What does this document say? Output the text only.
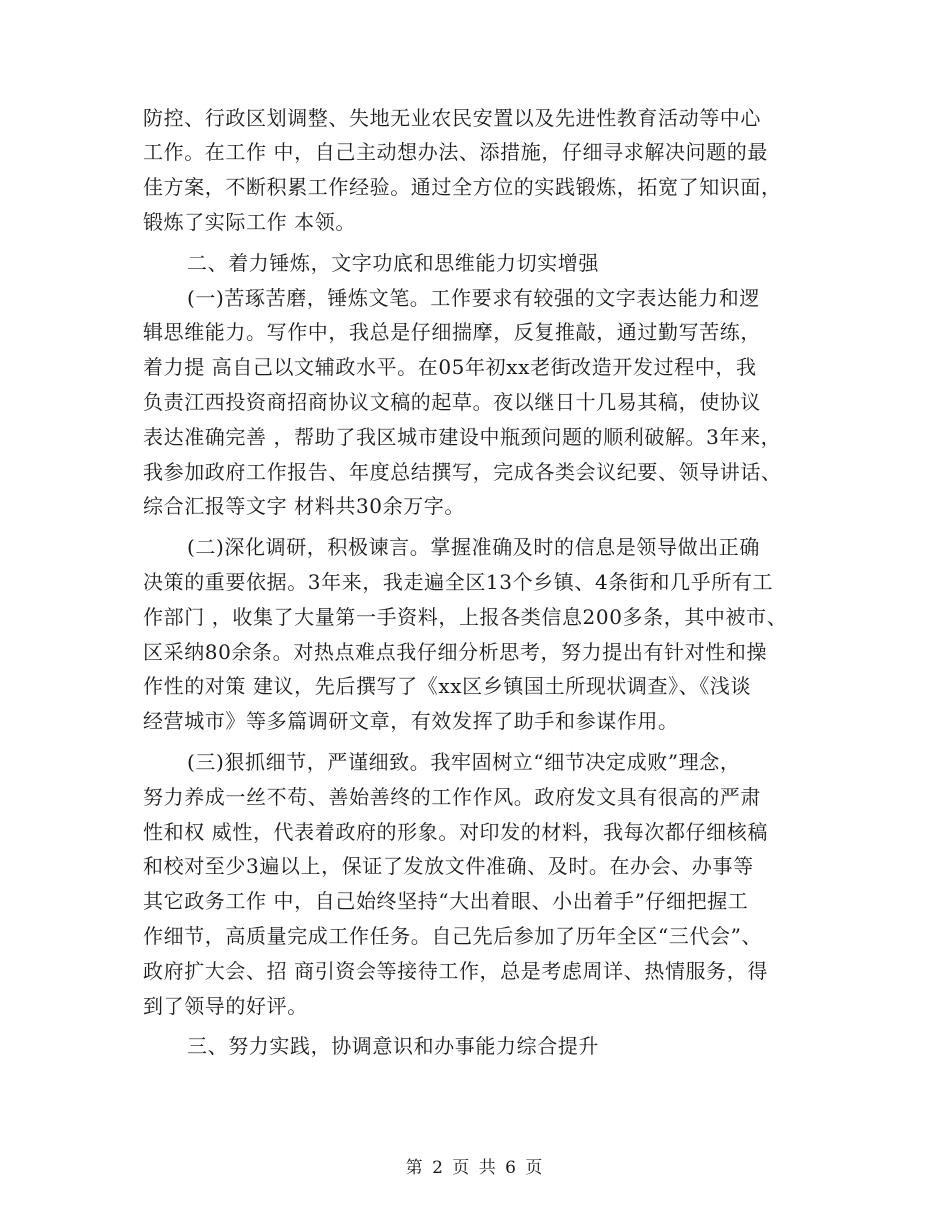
防控、行政区划调整、失地无业农民安置以及先进性教育活动等中心
工作。在工作 中，自己主动想办法、添措施，仔细寻求解决问题的最
佳方案，不断积累工作经验。通过全方位的实践锻炼，拓宽了知识面，
锻炼了实际工作 本领。
二、着力锤炼，文字功底和思维能力切实增强
(一)苦琢苦磨，锤炼文笔。工作要求有较强的文字表达能力和逻
辑思维能力。写作中，我总是仔细揣摩，反复推敲，通过勤写苦练，
着力提 高自己以文辅政水平。在05年初xx老街改造开发过程中，我
负责江西投资商招商协议文稿的起草。夜以继日十几易其稿，使协议
表达准确完善 ，帮助了我区城市建设中瓶颈问题的顺利破解。3年来，
我参加政府工作报告、年度总结撰写，完成各类会议纪要、领导讲话、
综合汇报等文字 材料共30余万字。
(二)深化调研，积极谏言。掌握准确及时的信息是领导做出正确
决策的重要依据。3年来，我走遍全区13个乡镇、4条街和几乎所有工
作部门 ，收集了大量第一手资料，上报各类信息200多条，其中被市、
区采纳80余条。对热点难点我仔细分析思考，努力提出有针对性和操
作性的对策 建议，先后撰写了《xx区乡镇国土所现状调查》、《浅谈
经营城市》等多篇调研文章，有效发挥了助手和参谋作用。
(三)狠抓细节，严谨细致。我牢固树立“细节决定成败”理念，
努力养成一丝不苟、善始善终的工作作风。政府发文具有很高的严肃
性和权 威性，代表着政府的形象。对印发的材料，我每次都仔细核稿
和校对至少3遍以上，保证了发放文件准确、及时。在办会、办事等
其它政务工作 中，自己始终坚持“大出着眼、小出着手”仔细把握工
作细节，高质量完成工作任务。自己先后参加了历年全区“三代会”、
政府扩大会、招 商引资会等接待工作，总是考虑周详、热情服务，得
到了领导的好评。
三、努力实践，协调意识和办事能力综合提升
第 2 页 共 6 页
